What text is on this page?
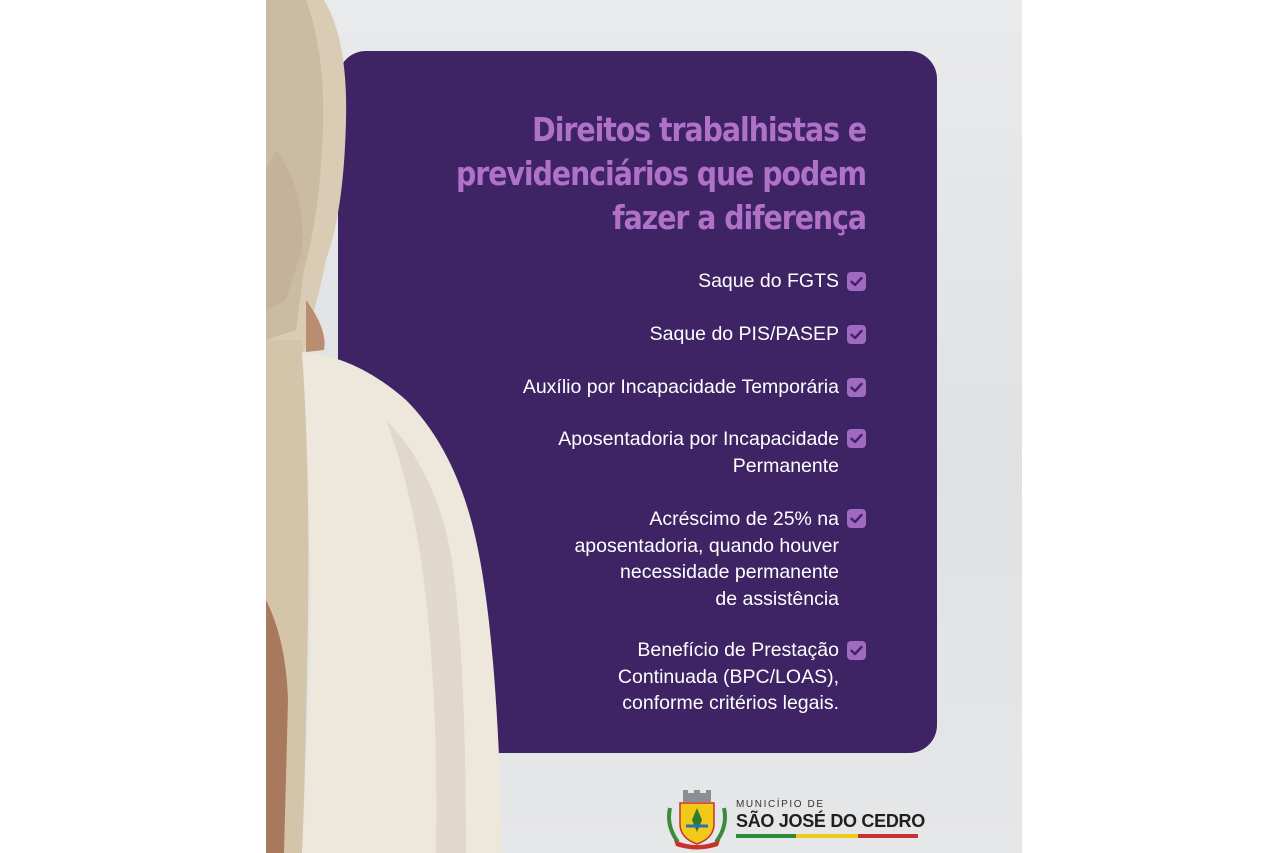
Direitos trabalhistas e
previdenciários que podem
fazer a diferença
Saque do FGTS
Saque do PIS/PASEP
Auxílio por Incapacidade Temporária
Aposentadoria por Incapacidade
Permanente
Acréscimo de 25% na
aposentadoria, quando houver
necessidade permanente
de assistência
Benefício de Prestação
Continuada (BPC/LOAS),
conforme critérios legais.
MUNICÍPIO DE
SÃO JOSÉ DO CEDRO
